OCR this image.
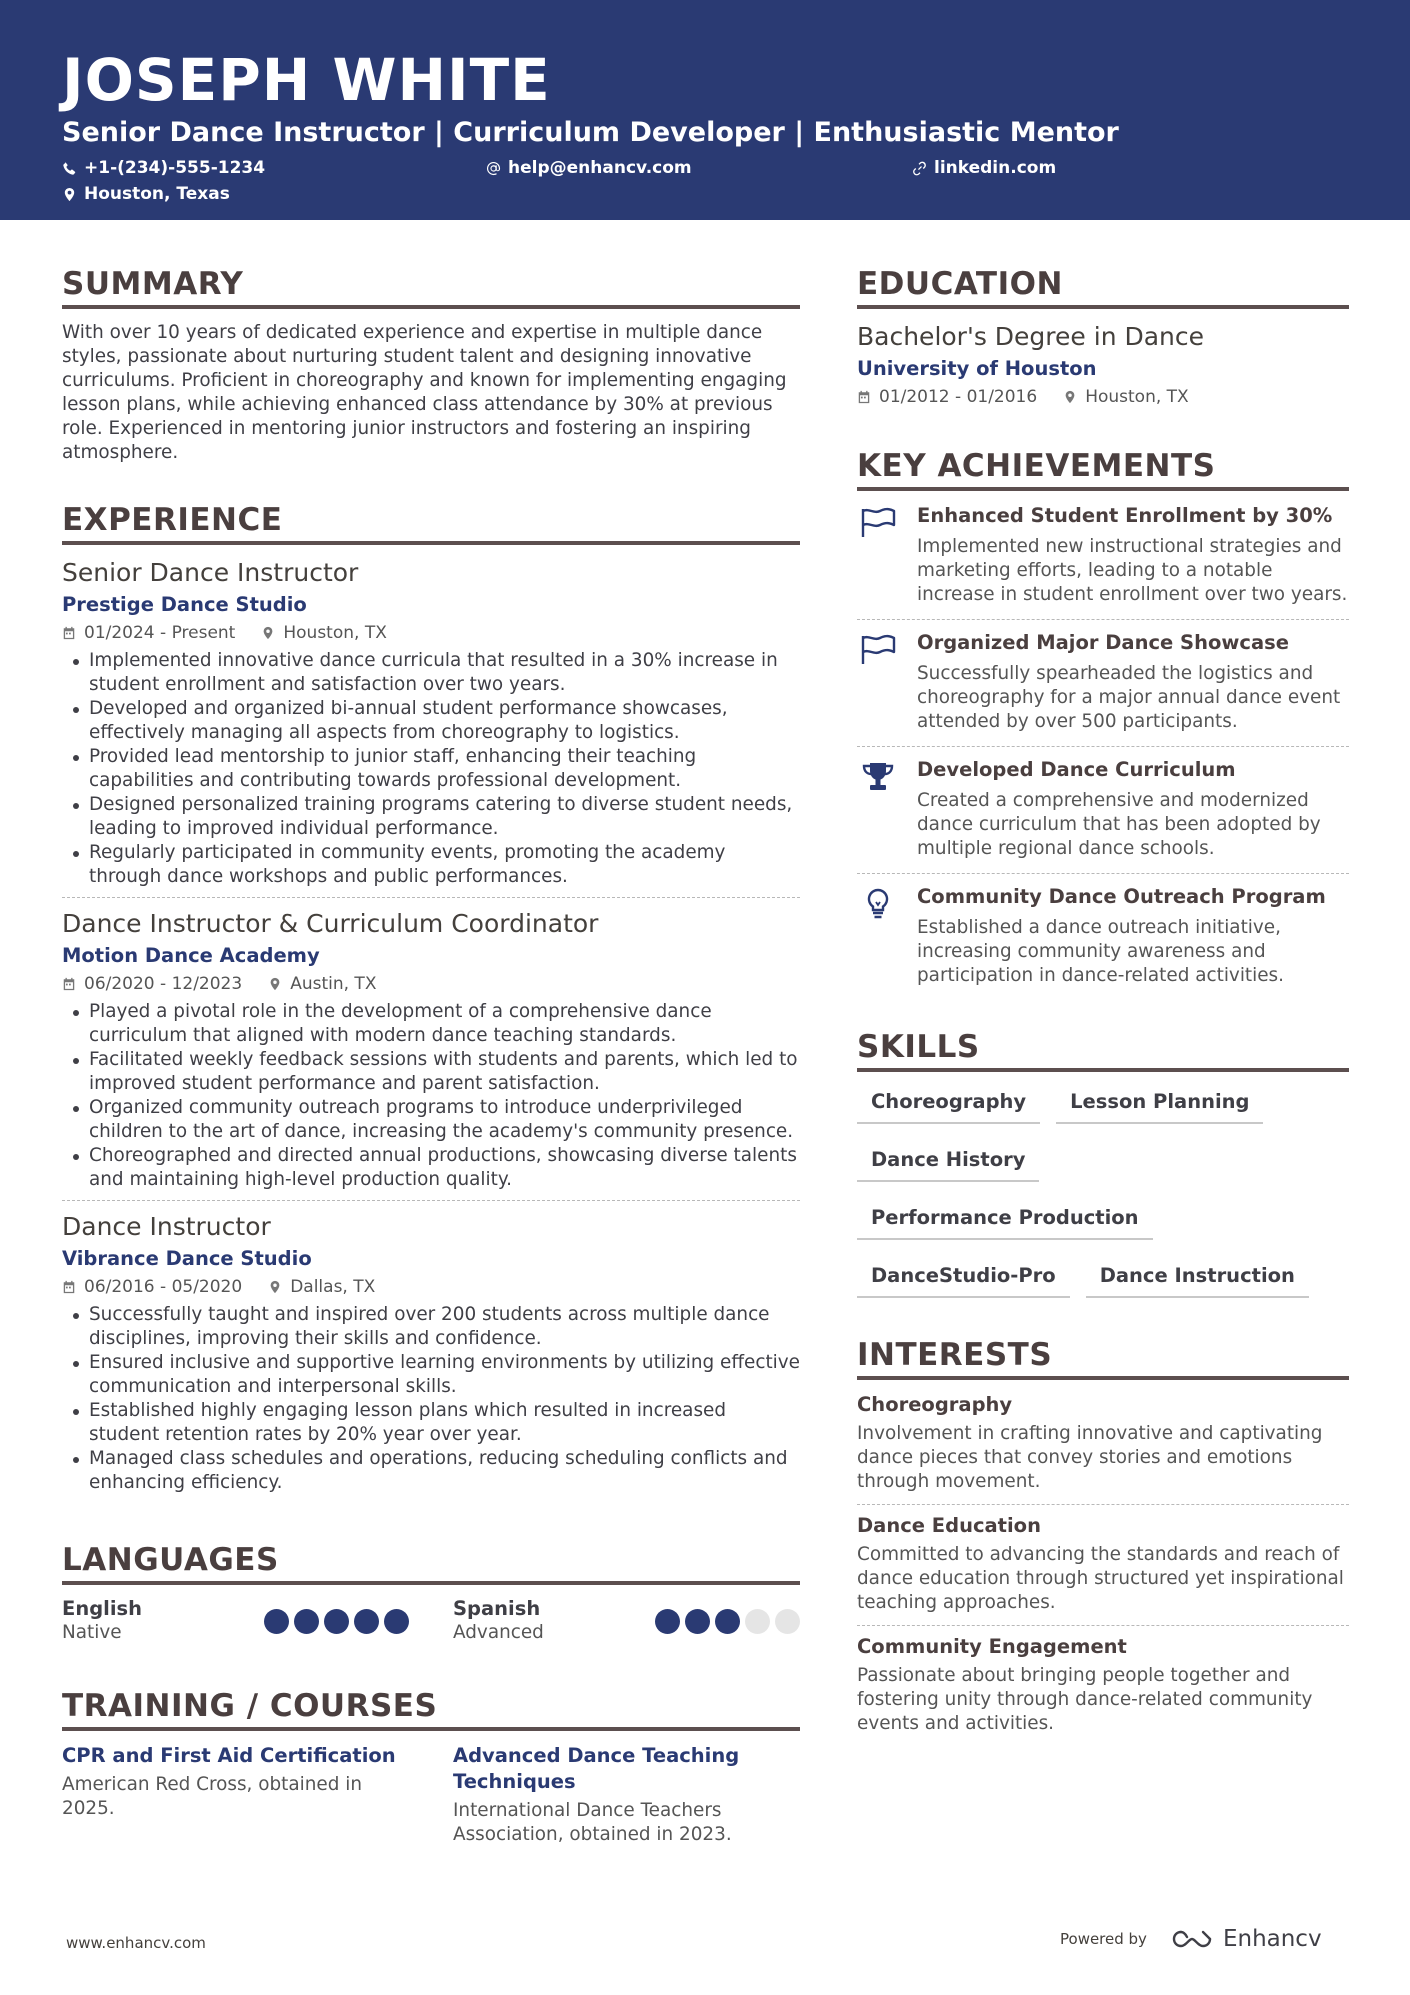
JOSEPH WHITE
Senior Dance Instructor | Curriculum Developer | Enthusiastic Mentor
+1-(234)-555-1234	help@enhancv.com	linkedin.com
Houston, Texas
SUMMARY

With over 10 years of dedicated experience and expertise in multiple dance styles, passionate about nurturing student talent and designing innovative curriculums. Proficient in choreography and known for implementing engaging lesson plans, while achieving enhanced class attendance by 30% at previous role. Experienced in mentoring junior instructors and fostering an inspiring atmosphere.

EXPERIENCE
Senior Dance Instructor
Prestige Dance Studio
01/2024 - Present	Houston, TX
Implemented innovative dance curricula that resulted in a 30% increase in student enrollment and satisfaction over two years.
Developed and organized bi-annual student performance showcases, effectively managing all aspects from choreography to logistics.
Provided lead mentorship to junior staff, enhancing their teaching capabilities and contributing towards professional development.
Designed personalized training programs catering to diverse student needs, leading to improved individual performance.
Regularly participated in community events, promoting the academy through dance workshops and public performances.
Dance Instructor & Curriculum Coordinator
Motion Dance Academy
06/2020 - 12/2023	Austin, TX
Played a pivotal role in the development of a comprehensive dance curriculum that aligned with modern dance teaching standards.
Facilitated weekly feedback sessions with students and parents, which led to improved student performance and parent satisfaction.
Organized community outreach programs to introduce underprivileged children to the art of dance, increasing the academy's community presence.
Choreographed and directed annual productions, showcasing diverse talents and maintaining high-level production quality.
Dance Instructor
Vibrance Dance Studio
06/2016 - 05/2020	Dallas, TX
Successfully taught and inspired over 200 students across multiple dance disciplines, improving their skills and confidence.
Ensured inclusive and supportive learning environments by utilizing effective communication and interpersonal skills.
Established highly engaging lesson plans which resulted in increased student retention rates by 20% year over year.
Managed class schedules and operations, reducing scheduling conflicts and enhancing efficiency.
LANGUAGES
English
Native
Spanish
Advanced
TRAINING / COURSES
CPR and First Aid Certification
American Red Cross, obtained in 2025.
Advanced Dance Teaching Techniques
International Dance Teachers Association, obtained in 2023.
EDUCATION
Bachelor's Degree in Dance
University of Houston
01/2012 - 01/2016	Houston, TX
KEY ACHIEVEMENTS
Enhanced Student Enrollment by 30%
Implemented new instructional strategies and marketing efforts, leading to a notable increase in student enrollment over two years.
Organized Major Dance Showcase
Successfully spearheaded the logistics and choreography for a major annual dance event attended by over 500 participants.
Developed Dance Curriculum
Created a comprehensive and modernized dance curriculum that has been adopted by multiple regional dance schools.
Community Dance Outreach Program
Established a dance outreach initiative, increasing community awareness and participation in dance-related activities.
SKILLS
Choreography	Lesson Planning
Dance History
Performance Production
DanceStudio-Pro	Dance Instruction
INTERESTS
Choreography
Involvement in crafting innovative and captivating dance pieces that convey stories and emotions through movement.
Dance Education
Committed to advancing the standards and reach of dance education through structured yet inspirational teaching approaches.
Community Engagement
Passionate about bringing people together and fostering unity through dance-related community events and activities.
www.enhancv.com	Powered by	Enhancv
